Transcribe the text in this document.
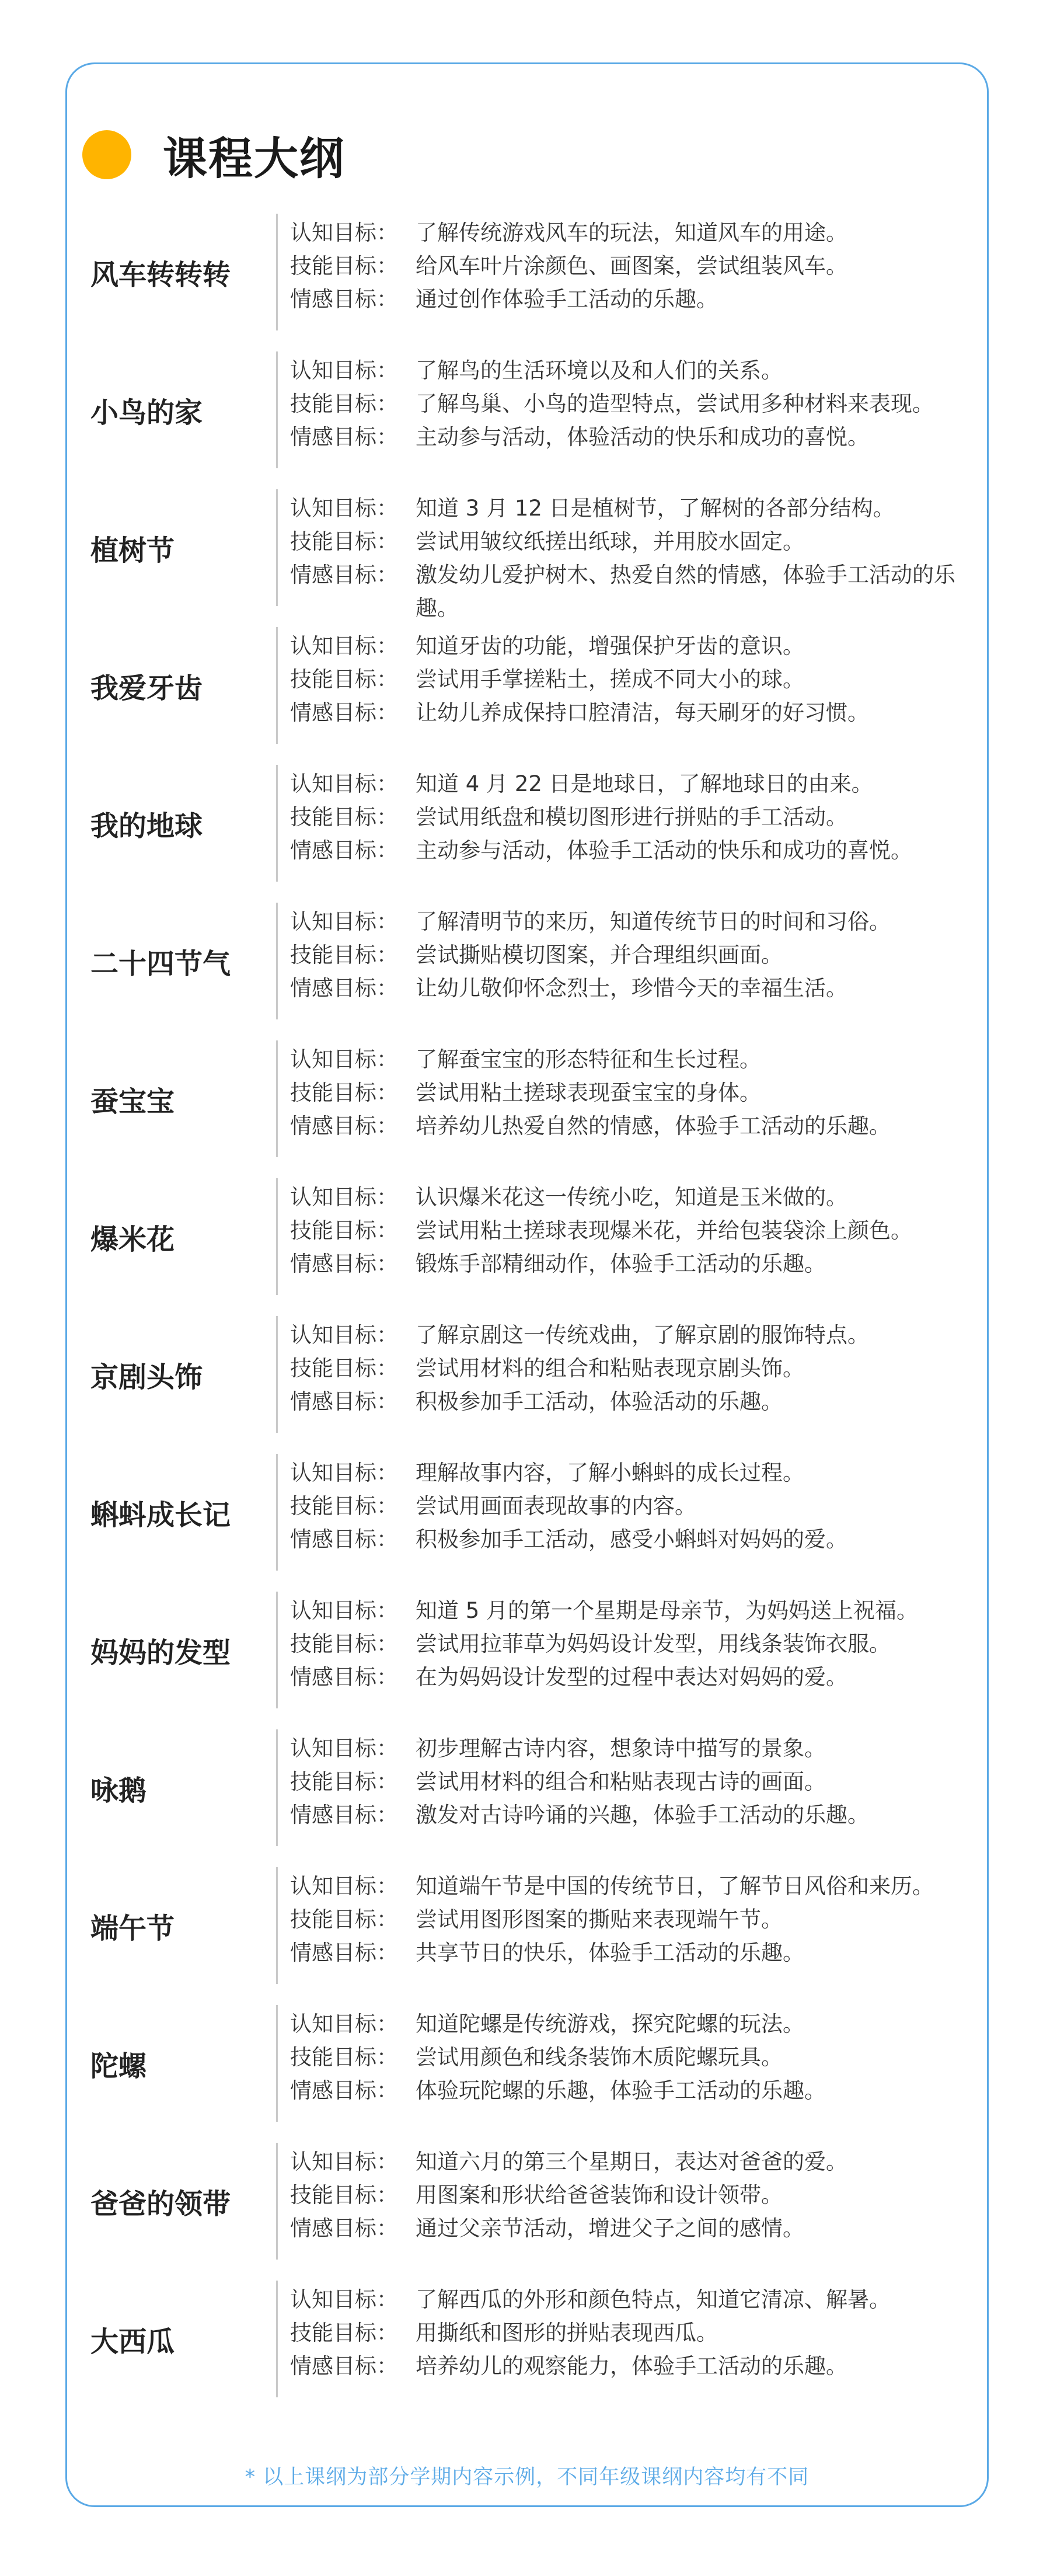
课程大纲
风车转转转
认知目标： 了解传统游戏风车的玩法，知道风车的用途。
技能目标： 给风车叶片涂颜色、画图案，尝试组装风车。
情感目标： 通过创作体验手工活动的乐趣。
小鸟的家
认知目标： 了解鸟的生活环境以及和人们的关系。
技能目标： 了解鸟巢、小鸟的造型特点，尝试用多种材料来表现。
情感目标： 主动参与活动，体验活动的快乐和成功的喜悦。
植树节
认知目标： 知道 3 月 12 日是植树节，了解树的各部分结构。
技能目标： 尝试用皱纹纸搓出纸球，并用胶水固定。
情感目标： 激发幼儿爱护树木、热爱自然的情感，体验手工活动的乐趣。
我爱牙齿
认知目标： 知道牙齿的功能，增强保护牙齿的意识。
技能目标： 尝试用手掌搓粘土，搓成不同大小的球。
情感目标： 让幼儿养成保持口腔清洁，每天刷牙的好习惯。
我的地球
认知目标： 知道 4 月 22 日是地球日，了解地球日的由来。
技能目标： 尝试用纸盘和模切图形进行拼贴的手工活动。
情感目标： 主动参与活动，体验手工活动的快乐和成功的喜悦。
二十四节气
认知目标： 了解清明节的来历，知道传统节日的时间和习俗。
技能目标： 尝试撕贴模切图案，并合理组织画面。
情感目标： 让幼儿敬仰怀念烈士，珍惜今天的幸福生活。
蚕宝宝
认知目标： 了解蚕宝宝的形态特征和生长过程。
技能目标： 尝试用粘土搓球表现蚕宝宝的身体。
情感目标： 培养幼儿热爱自然的情感，体验手工活动的乐趣。
爆米花
认知目标： 认识爆米花这一传统小吃，知道是玉米做的。
技能目标： 尝试用粘土搓球表现爆米花，并给包装袋涂上颜色。
情感目标： 锻炼手部精细动作，体验手工活动的乐趣。
京剧头饰
认知目标： 了解京剧这一传统戏曲，了解京剧的服饰特点。
技能目标： 尝试用材料的组合和粘贴表现京剧头饰。
情感目标： 积极参加手工活动，体验活动的乐趣。
蝌蚪成长记
认知目标： 理解故事内容，了解小蝌蚪的成长过程。
技能目标： 尝试用画面表现故事的内容。
情感目标： 积极参加手工活动，感受小蝌蚪对妈妈的爱。
妈妈的发型
认知目标： 知道 5 月的第一个星期是母亲节，为妈妈送上祝福。
技能目标： 尝试用拉菲草为妈妈设计发型，用线条装饰衣服。
情感目标： 在为妈妈设计发型的过程中表达对妈妈的爱。
咏鹅
认知目标： 初步理解古诗内容，想象诗中描写的景象。
技能目标： 尝试用材料的组合和粘贴表现古诗的画面。
情感目标： 激发对古诗吟诵的兴趣，体验手工活动的乐趣。
端午节
认知目标： 知道端午节是中国的传统节日，了解节日风俗和来历。
技能目标： 尝试用图形图案的撕贴来表现端午节。
情感目标： 共享节日的快乐，体验手工活动的乐趣。
陀螺
认知目标： 知道陀螺是传统游戏，探究陀螺的玩法。
技能目标： 尝试用颜色和线条装饰木质陀螺玩具。
情感目标： 体验玩陀螺的乐趣，体验手工活动的乐趣。
爸爸的领带
认知目标： 知道六月的第三个星期日，表达对爸爸的爱。
技能目标： 用图案和形状给爸爸装饰和设计领带。
情感目标： 通过父亲节活动，增进父子之间的感情。
大西瓜
认知目标： 了解西瓜的外形和颜色特点，知道它清凉、解暑。
技能目标： 用撕纸和图形的拼贴表现西瓜。
情感目标： 培养幼儿的观察能力，体验手工活动的乐趣。
* 以上课纲为部分学期内容示例，不同年级课纲内容均有不同
